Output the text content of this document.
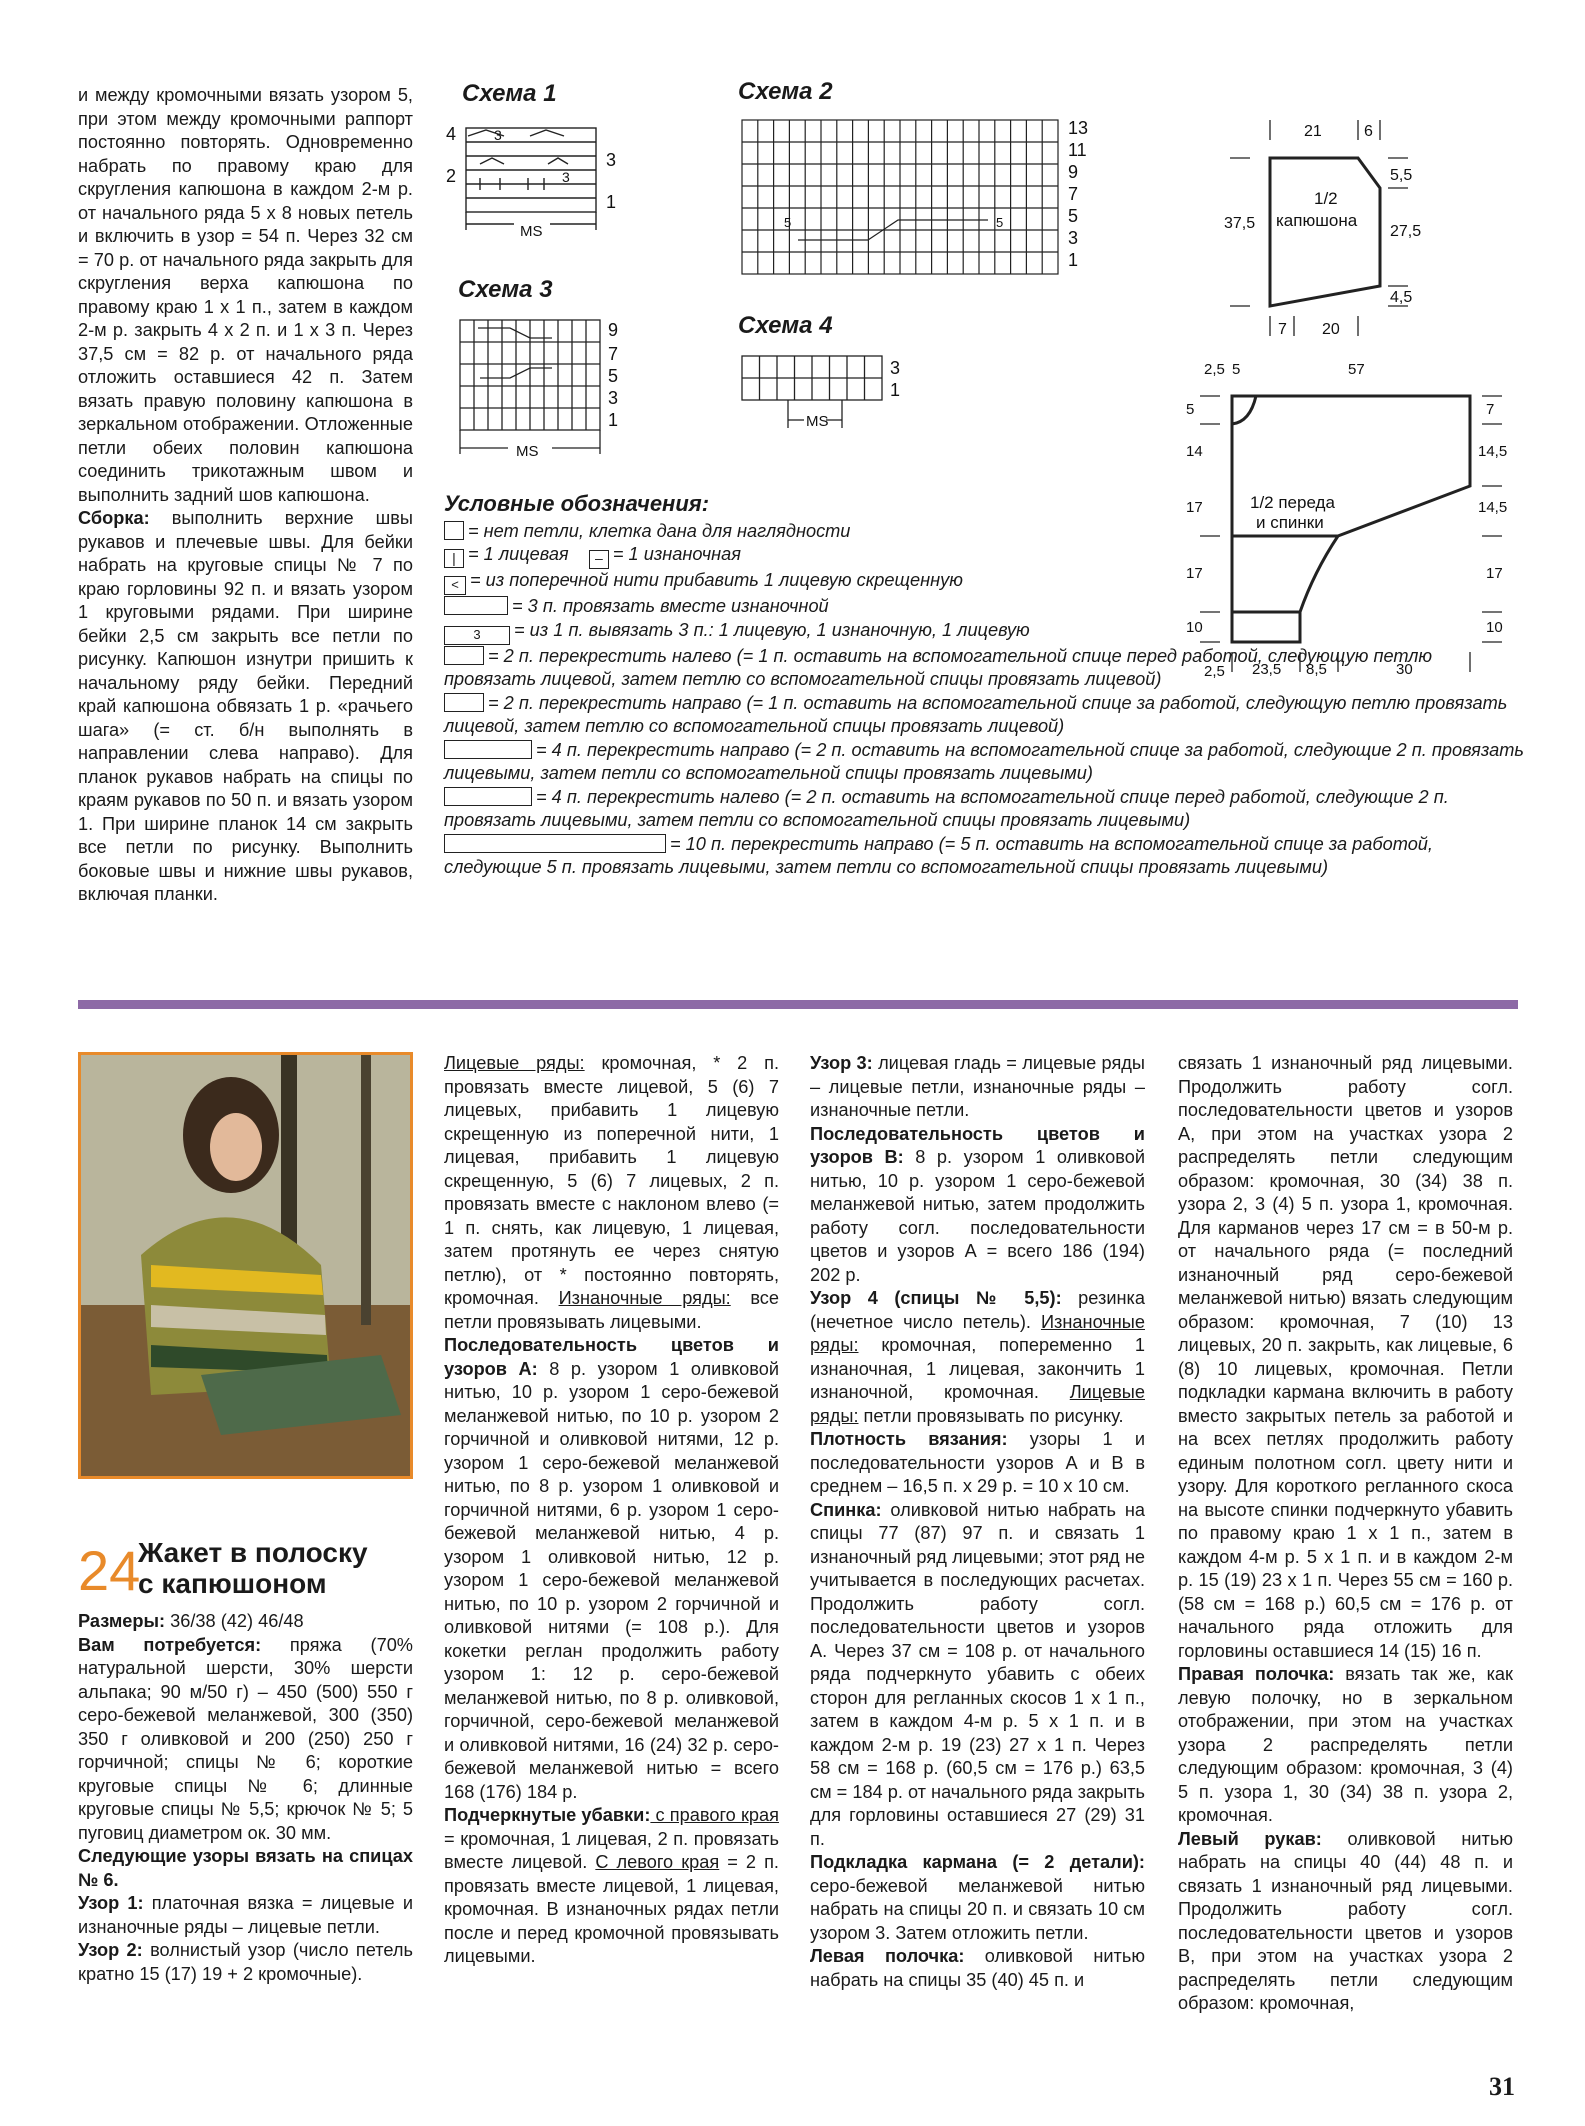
и между кромочными вязать узором 5, при этом между кромочными раппорт постоянно повторять. Одновременно набрать по правому краю для скругления капюшона в каждом 2-м р. от начального ряда 5 х 8 новых петель и включить в узор = 54 п. Через 32 см = 70 р. от начального ряда закрыть для скругления верха капюшона по правому краю 1 х 1 п., затем в каждом 2-м р. закрыть 4 х 2 п. и 1 х 3 п. Через 37,5 см = 82 р. от начального ряда отложить оставшиеся 42 п. Затем вязать правую половину капюшона в зеркальном отображении. Отложенные петли обеих половин капюшона соединить трикотажным швом и выполнить задний шов капюшона.

Сборка: выполнить верхние швы рукавов и плечевые швы. Для бейки набрать на круговые спицы № 7 по краю горловины 92 п. и вязать узором 1 круговыми рядами. При ширине бейки 2,5 см закрыть все петли по рисунку. Капюшон изнутри пришить к начальному ряду бейки. Передний край капюшона обвязать 1 р. «рачьего шага» (= ст. б/н выполнять в направлении слева направо). Для планок рукавов набрать на спицы по краям рукавов по 50 п. и вязать узором 1. При ширине планок 14 см закрыть все петли по рисунку. Выполнить боковые швы и нижние швы рукавов, включая планки.

Схема 1	Схема 2
Схема 3
Схема 4
4
2
3
1
3
3
MS
13
11
9
7
5
3
1
5	5
9
7
5
3
1
MS
3
1
MS
21	6
5,5
37,5	27,5
4,5
7 20
1/2
капюшона
2,5 5	57
5
14
17
17
10
7
14,5
14,5
17
10
2,5 23,5 8,5	30
1/2 переда
и спинки
Условные обозначения:
= нет петли, клетка дана для наглядности
| = 1 лицевая – = 1 изнаночная
< = из поперечной нити прибавить 1 лицевую скрещенную
= 3 п. провязать вместе изнаночной
3 = из 1 п. вывязать 3 п.: 1 лицевую, 1 изнаночную, 1 лицевую
= 2 п. перекрестить налево (= 1 п. оставить на вспомогательной спице перед работой, следующую петлю провязать лицевой, затем петлю со вспомогательной спицы провязать лицевой)
= 2 п. перекрестить направо (= 1 п. оставить на вспомогательной спице за работой, следующую петлю провязать лицевой, затем петлю со вспомогательной спицы провязать лицевой)
= 4 п. перекрестить направо (= 2 п. оставить на вспомогательной спице за работой, следующие 2 п. провязать лицевыми, затем петли со вспомогательной спицы провязать лицевыми)
= 4 п. перекрестить налево (= 2 п. оставить на вспомогательной спице перед работой, следующие 2 п. провязать лицевыми, затем петли со вспомогательной спицы провязать лицевыми)
= 10 п. перекрестить направо (= 5 п. оставить на вспомогательной спице за работой, следующие 5 п. провязать лицевыми, затем петли со вспомогательной спицы провязать лицевыми)
24
Жакет в полоску
с капюшоном

Размеры: 36/38 (42) 46/48

Вам потребуется: пряжа (70% натуральной шерсти, 30% шерсти альпака; 90 м/50 г) – 450 (500) 550 г серо-бежевой меланжевой, 300 (350) 350 г оливковой и 200 (250) 250 г горчичной; спицы № 6; короткие круговые спицы № 6; длинные круговые спицы № 5,5; крючок № 5; 5 пуговиц диаметром ок. 30 мм.

Следующие узоры вязать на спицах № 6.

Узор 1: платочная вязка = лицевые и изнаночные ряды – лицевые петли.

Узор 2: волнистый узор (число петель кратно 15 (17) 19 + 2 кромочные).

Лицевые ряды: кромочная, * 2 п. провязать вместе лицевой, 5 (6) 7 лицевых, прибавить 1 лицевую скрещенную из поперечной нити, 1 лицевая, прибавить 1 лицевую скрещенную, 5 (6) 7 лицевых, 2 п. провязать вместе с наклоном влево (= 1 п. снять, как лицевую, 1 лицевая, затем протянуть ее через снятую петлю), от * постоянно повторять, кромочная. Изнаночные ряды: все петли провязывать лицевыми.

Последовательность цветов и узоров А: 8 р. узором 1 оливковой нитью, 10 р. узором 1 серо-бежевой меланжевой нитью, по 10 р. узором 2 горчичной и оливковой нитями, 12 р. узором 1 серо-бежевой меланжевой нитью, по 8 р. узором 1 оливковой и горчичной нитями, 6 р. узором 1 серо-бежевой меланжевой нитью, 4 р. узором 1 оливковой нитью, 12 р. узором 1 серо-бежевой меланжевой нитью, по 10 р. узором 2 горчичной и оливковой нитями (= 108 р.). Для кокетки реглан продолжить работу узором 1: 12 р. серо-бежевой меланжевой нитью, по 8 р. оливковой, горчичной, серо-бежевой меланжевой и оливковой нитями, 16 (24) 32 р. серо-бежевой меланжевой нитью = всего 168 (176) 184 р.

Подчеркнутые убавки: с правого края = кромочная, 1 лицевая, 2 п. провязать вместе лицевой. С левого края = 2 п. провязать вместе лицевой, 1 лицевая, кромочная. В изнаночных рядах петли после и перед кромочной провязывать лицевыми.

Узор 3: лицевая гладь = лицевые ряды – лицевые петли, изнаночные ряды – изнаночные петли.

Последовательность цветов и узоров В: 8 р. узором 1 оливковой нитью, 10 р. узором 1 серо-бежевой меланжевой нитью, затем продолжить работу согл. последовательности цветов и узоров А = всего 186 (194) 202 р.

Узор 4 (спицы № 5,5): резинка (нечетное число петель). Изнаночные ряды: кромочная, попеременно 1 изнаночная, 1 лицевая, закончить 1 изнаночной, кромочная. Лицевые ряды: петли провязывать по рисунку.

Плотность вязания: узоры 1 и последовательности узоров А и В в среднем – 16,5 п. х 29 р. = 10 х 10 см.

Спинка: оливковой нитью набрать на спицы 77 (87) 97 п. и связать 1 изнаночный ряд лицевыми; этот ряд не учитывается в последующих расчетах. Продолжить работу согл. последовательности цветов и узоров А. Через 37 см = 108 р. от начального ряда подчеркнуто убавить с обеих сторон для регланных скосов 1 х 1 п., затем в каждом 4-м р. 5 х 1 п. и в каждом 2-м р. 19 (23) 27 х 1 п. Через 58 см = 168 р. (60,5 см = 176 р.) 63,5 см = 184 р. от начального ряда закрыть для горловины оставшиеся 27 (29) 31 п.

Подкладка кармана (= 2 детали): серо-бежевой меланжевой нитью набрать на спицы 20 п. и связать 10 см узором 3. Затем отложить петли.

Левая полочка: оливковой нитью набрать на спицы 35 (40) 45 п. и

связать 1 изнаночный ряд лицевыми. Продолжить работу согл. последовательности цветов и узоров А, при этом на участках узора 2 распределять петли следующим образом: кромочная, 30 (34) 38 п. узора 2, 3 (4) 5 п. узора 1, кромочная. Для карманов через 17 см = в 50-м р. от начального ряда (= последний изнаночный ряд серо-бежевой меланжевой нитью) вязать следующим образом: кромочная, 7 (10) 13 лицевых, 20 п. закрыть, как лицевые, 6 (8) 10 лицевых, кромочная. Петли подкладки кармана включить в работу вместо закрытых петель за работой и на всех петлях продолжить работу единым полотном согл. цвету нити и узору. Для короткого регланного скоса на высоте спинки подчеркнуто убавить по правому краю 1 х 1 п., затем в каждом 4-м р. 5 х 1 п. и в каждом 2-м р. 15 (19) 23 х 1 п. Через 55 см = 160 р. (58 см = 168 р.) 60,5 см = 176 р. от начального ряда отложить для горловины оставшиеся 14 (15) 16 п.

Правая полочка: вязать так же, как левую полочку, но в зеркальном отображении, при этом на участках узора 2 распределять петли следующим образом: кромочная, 3 (4) 5 п. узора 1, 30 (34) 38 п. узора 2, кромочная.

Левый рукав: оливковой нитью набрать на спицы 40 (44) 48 п. и связать 1 изнаночный ряд лицевыми. Продолжить работу согл. последовательности цветов и узоров В, при этом на участках узора 2 распределять петли следующим образом: кромочная,

31
